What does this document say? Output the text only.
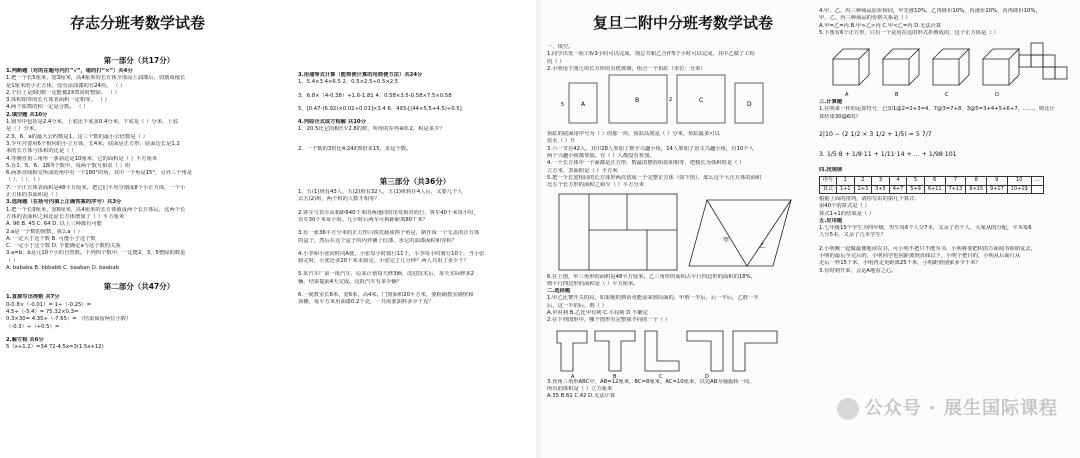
存志分班考数学试卷
第一部分（共17分）
1.判断题（对的在题号内打“√”，错的打“×”）共4分
1.把一个长5厘米，宽3厘米，高4厘米的长方体全部涂上油漆后，切割成棱长
是1厘米的小正方体，没有涂油漆的有24块。 （ ）
2.个位上是0的数一定能被2和5同时整除。 （ ）
3.体积相等的长方体表面积一定相等。 （ ）
4.两个质数的积一定是合数。 （ ）
2.填空题 共10分
1.钢琴中包括是2.4分米，上底比下底多0.4分米，下底是（ ）分米，上底
是（ ）分米。
2.3、6、a的最大公约数是1，这三个数的最小公倍数是（ ）
3.少年宫要用6个相同的小立方体，长4米，底面是正方形，底面边长是1.2
米的长方体与体积的比是（ ）
4.等腰直角三角形一条斜边是10厘米，它的面积是（ ）平方厘米
5.在1、5、6、18四个数中，每两个数互相求（ ）组
6.两条直线相交所成的角中有一个180°的角，其中一个角是15°，另外三个角是
（ ）、（ ）、（ ）
7.一个正方体表面积是48平方厘米，把它们平均分割成8个小正方体，一个小
正方体的表面积是（ ）
3.选择题（在括号内填上正确答案的序号）共3分
1.把一个长9厘米，宽6厘米，高4厘米的长方体截成两个长方体后，这两个长
方体的表面积之和比原长方体增加了（ ）平方厘米
A. 96 B. 45 C. 64 D. 以上三种都有可能
2.a是一个数的倒数，那么a（ ）
A. 一定大于这个数 B. 可能小于这个数
C. 一定小于这个数 D. 不能确定a与这个数的关系
3.a=b，b是元10个小的自然数。下列四个数中，一定能2、3、5整除的数是
（ ）
A. bababa B. bbbabb C. baaban D. baabab
第二部分（共47分）
1.直接写出得数 共7分
0-0.8×（-0.01）= 1÷（-0.25）=
4.5÷（-5.4）= 75.32×0.3=
0.3×30= 4.35÷（-7.65）= （结果保留两位小数）
（-0.3）÷（+0.5）=
2.解方程 共6分
5（x+1.2）=34 72-4.5x=3(1.5x+12)
3.用递等式计算（能简便计算的用简便方法）共24分
1、5.4×3.4×6.5 2、0.5×2.5÷0.5×2.5
3、6.8×（4-0.38）+1.6-1.81 4、0.58×3.5-0.58×7.5×0.58
5、[0.47-(6.92)×0.02÷0.01]×3.4 6、493-[(44×5.5+4.5)÷0.5]
4.列综合式或方程解 共10分
1、20.5比它的6倍少2.8的数，所得的差再乘0.2，积是多少？
2、一个数的3倍比4.24的5倍多15，求这个数。
第三部分（共36分）
1、五(1)班有43人，五(2)班有32人，五(1)班转往4人后，又要几个人
去五(2)班，两个班的人数才相等？
2.客车与货车从相距640千米的两地同时出发相对而行，客车40千米每小时，
货车30千米每小时。几小时后两车可相距距离80千米？
3.有一张36平方分米的正方形白铁皮截成四个角是，制作成一个无盖的正方体
的盒子，然后在这个盒子的内外镶上红漆，求它的油漆面积和容积？
4.小李和小张同时向A驶，小张每小时骑行11千，小李每小时骑行10千，当小张
骑完时，小张还多20千米未骑完，小张完了几分钟？两人共用了多少千？
5.某汽车厂前一批汽车，原来计划每天修3辆，改进技术后，每天实际修多2
辆，结果提前4天完成。这批汽车有多少辆？
6.一间教室长8米，宽6米，高4米，门窗面积20平方米，要粉刷教室墙壁和
顶棚，每平方米用油漆0.2千克，一共需要油料多少千克？
复旦二附中分班考数学试卷
一、填空。
1.同学出发一项工程3小时可以完成，现总共和乙合作5个小时可以完成，其中乙做了工程
的（ ）
2.小明用下图几块长方形的有机玻璃，组合一个鱼缸（单位：分米）
A
B	C
D
5
2
鱼缸的底面用序号为（ ）的那一块，鱼缸高度是（ ）分米，鱼缸最多可以
装水（ ）升
3.六一节有42人，其中28人参加了数字兴趣小组，14人参加了语文兴趣小组，有10个人
两个兴趣小组都参加。有（ ）人都没有参加。
4.一个长方体中一个面都是正方形，数最的摆放组装和相等，把棱长为体积时是（ ）
立方米，表面积是（ ）平方米
5.把一个长宽相同的长方体形两次切成一个完整正方体（如下图），那么这个大正方体的面积
比五个长方形的面积之和少（ ）平方分米
甲
乙
6.在上图，甲三角形的面积是48平方厘米，乙三角形的面积占平行四边形的面积的18%，
则平行四边形的面积是（ ）平方厘米。
二.选择题
1.甲乙比赛开关的局，如果她的到话更能前来到局面的，甲胜一半后，后一半后，乙胜一半
后，这一半的后，则（ ）
A.甲对利 B.乙比甲有利 C.平局利 D.不确定
2.在下列图形中，哪个图形有完整我不同的一个（ ）
A	B	C	D
3.直角三角形ABC中，AB=12厘米，BC=8厘米，AC=10厘米，以边AB为轴旋转一周，
所有的体积是（ ）立方厘米
A.35 B.61 C.42 D.无法计算
4.甲、乙、丙三种商品原价相同，甲先涨10%，乙再降价10%，丙涨价10%，丙再降价10%，
甲、乙、丙三种商品的价格关系是（ ）
A.甲=乙=丙 B.甲>乙>丙 C.甲<乙=丙 D.无法计算
5.下图有6个正方形，只有一个是用在这的形式折叠成的，这个正方体是（ ）
A	B	C	D
三.计算题
1.在明来一样的运算符号，已知1@2=2+3=4，7@3=7+8，3@5=3+4+5+6+7，……，则比计
算结果30@6的？
2|10 − (2 1/2 × 3 1/2 + 1/5) = 5 7/7
3. 1/5·8 + 1/8·11 + 1/11·14 + … + 1/98·101
四.找规律
序号	1	2	3	4	5	6	7	8	9	10	…
算式	1+1	2+3	3+5	4+7	5+9	6+11	7+13	8+15	9+17	10+19	
根据上面的排列，请你写出的第几个算式：
第40个的算式是（ ）
算式1+1的结果是（ ）
五.应用题
1.七年级15个学生为四年级，男生每6个人分7本，又余了若干人，大家从的分配，丰本每6
人分5本，又余了几本学生？
2.小明晚一起做最便地读以书，可小明不把只不能为书，小明将要把积的方面阅书和朋友去，
小明的最后全完后的，小明同学也同距离到直线以下，小明个把目的，小明从后面行从
走后一样15千米，小明再走更距离25千米，小明距到别家多少千米？
3.有时到开来，会是A地看之心。
公众号 · 展生国际课程
